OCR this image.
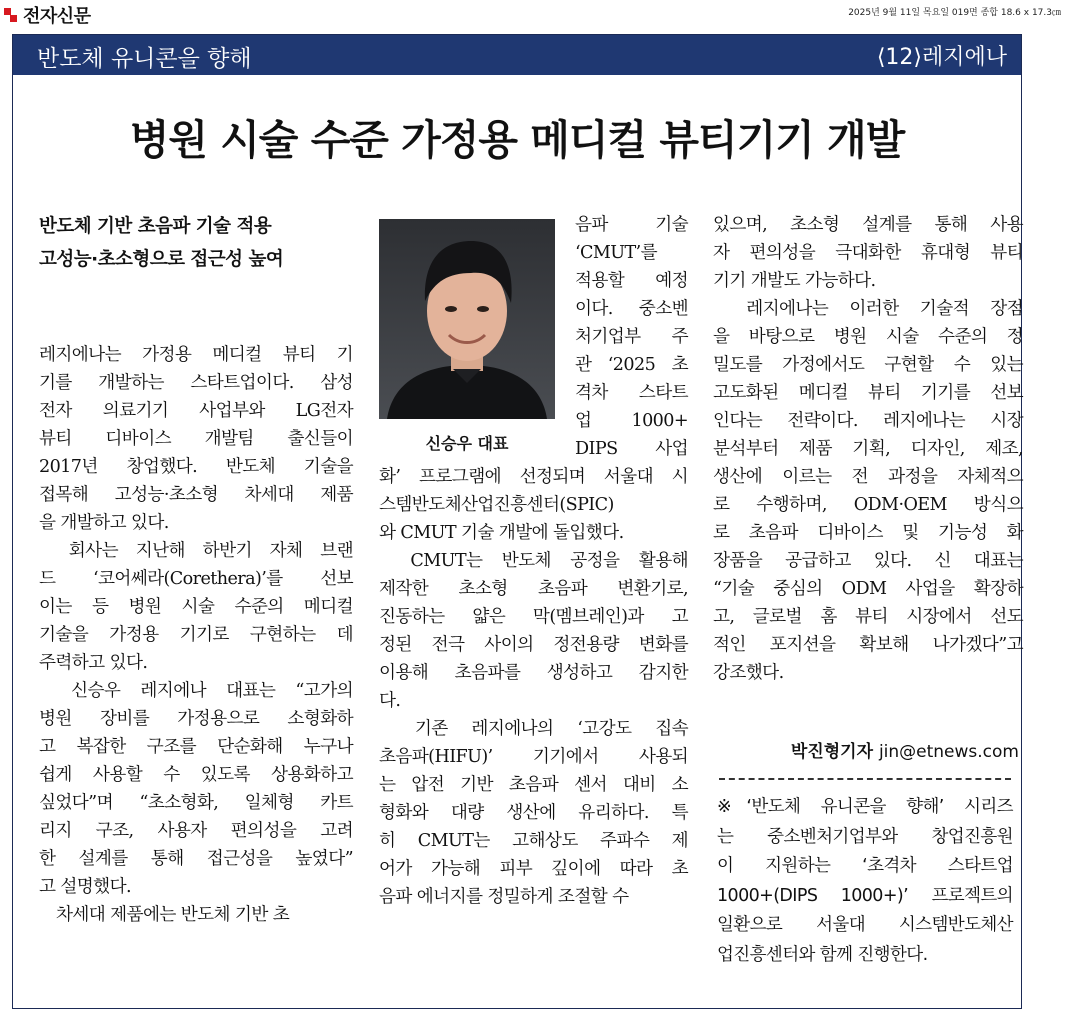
전자신문	2025년 9월 11일 목요일 019면 종합 18.6 x 17.3㎝
반도체 유니콘을 향해	⟨12⟩레지에나
병원 시술 수준 가정용 메디컬 뷰티기기 개발
반도체 기반 초음파 기술 적용
고성능·초소형으로 접근성 높여

레지에나는 가정용 메디컬 뷰티 기

기를 개발하는 스타트업이다. 삼성

전자 의료기기 사업부와 LG전자

뷰티 디바이스 개발팀 출신들이

2017년 창업했다. 반도체 기술을

접목해 고성능·초소형 차세대 제품

을 개발하고 있다.

　회사는 지난해 하반기 자체 브랜

드 ‘코어쎄라(Corethera)’를 선보

이는 등 병원 시술 수준의 메디컬

기술을 가정용 기기로 구현하는 데

주력하고 있다.

　신승우 레지에나 대표는 “고가의

병원 장비를 가정용으로 소형화하

고 복잡한 구조를 단순화해 누구나

쉽게 사용할 수 있도록 상용화하고

싶었다”며 “초소형화, 일체형 카트

리지 구조, 사용자 편의성을 고려

한 설계를 통해 접근성을 높였다”

고 설명했다.

　차세대 제품에는 반도체 기반 초

신승우 대표

음파 기술

‘CMUT’를

적용할 예정

이다. 중소벤

처기업부 주

관 ‘2025 초

격차 스타트

업 1000+

DIPS 사업

화’ 프로그램에 선정되며 서울대 시

스템반도체산업진흥센터(SPIC)

와 CMUT 기술 개발에 돌입했다.

　CMUT는 반도체 공정을 활용해

제작한 초소형 초음파 변환기로,

진동하는 얇은 막(멤브레인)과 고

정된 전극 사이의 정전용량 변화를

이용해 초음파를 생성하고 감지한

다.

　기존 레지에나의 ‘고강도 집속

초음파(HIFU)’ 기기에서 사용되

는 압전 기반 초음파 센서 대비 소

형화와 대량 생산에 유리하다. 특

히 CMUT는 고해상도 주파수 제

어가 가능해 피부 깊이에 따라 초

음파 에너지를 정밀하게 조절할 수

있으며, 초소형 설계를 통해 사용

자 편의성을 극대화한 휴대형 뷰티

기기 개발도 가능하다.

　레지에나는 이러한 기술적 장점

을 바탕으로 병원 시술 수준의 정

밀도를 가정에서도 구현할 수 있는

고도화된 메디컬 뷰티 기기를 선보

인다는 전략이다. 레지에나는 시장

분석부터 제품 기획, 디자인, 제조,

생산에 이르는 전 과정을 자체적으

로 수행하며, ODM·OEM 방식으

로 초음파 디바이스 및 기능성 화

장품을 공급하고 있다. 신 대표는

“기술 중심의 ODM 사업을 확장하

고, 글로벌 홈 뷰티 시장에서 선도

적인 포지션을 확보해 나가겠다”고

강조했다.

박진형기자 jin@etnews.com

※‘반도체 유니콘을 향해’ 시리즈

는 중소벤처기업부와 창업진흥원

이 지원하는 ‘초격차 스타트업

1000+(DIPS 1000+)’ 프로젝트의

일환으로 서울대 시스템반도체산

업진흥센터와 함께 진행한다.
